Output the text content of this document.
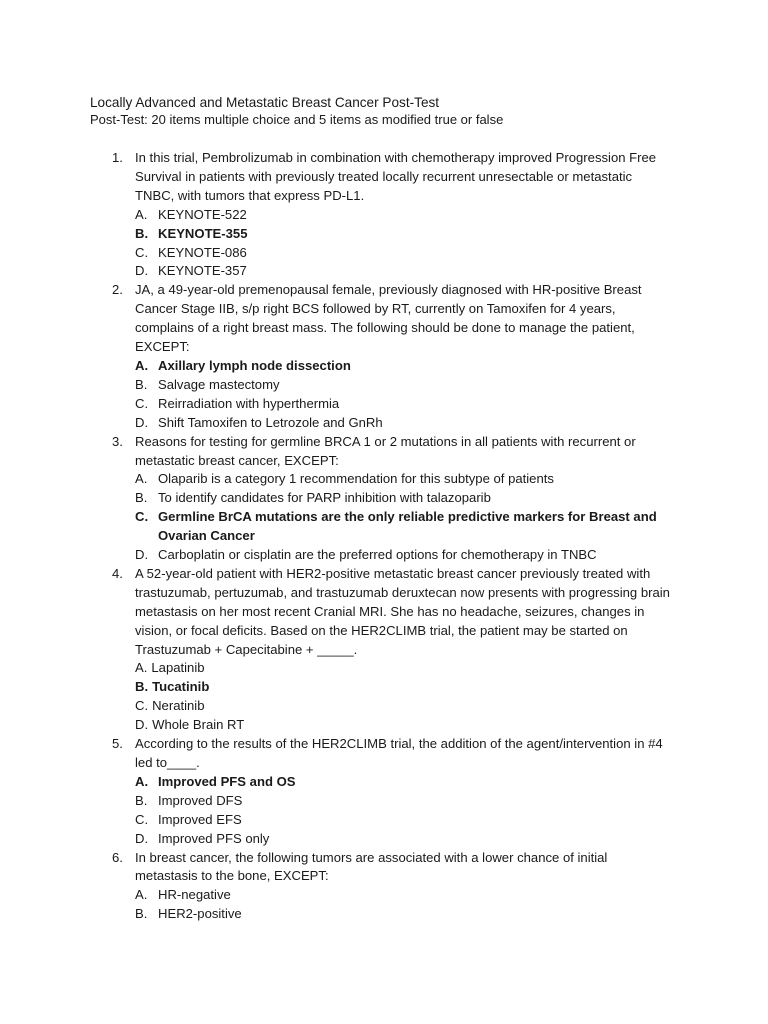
Locally Advanced and Metastatic Breast Cancer Post-Test

Post-Test: 20 items multiple choice and 5 items as modified true or false

1. In this trial, Pembrolizumab in combination with chemotherapy improved Progression Free Survival in patients with previously treated locally recurrent unresectable or metastatic TNBC, with tumors that express PD-L1.
A. KEYNOTE-522
B. KEYNOTE-355
C. KEYNOTE-086
D. KEYNOTE-357
2. JA, a 49-year-old premenopausal female, previously diagnosed with HR-positive Breast Cancer Stage IIB, s/p right BCS followed by RT, currently on Tamoxifen for 4 years, complains of a right breast mass. The following should be done to manage the patient, EXCEPT:
A. Axillary lymph node dissection
B. Salvage mastectomy
C. Reirradiation with hyperthermia
D. Shift Tamoxifen to Letrozole and GnRh
3. Reasons for testing for germline BRCA 1 or 2 mutations in all patients with recurrent or metastatic breast cancer, EXCEPT:
A. Olaparib is a category 1 recommendation for this subtype of patients
B. To identify candidates for PARP inhibition with talazoparib
C. Germline BrCA mutations are the only reliable predictive markers for Breast and Ovarian Cancer
D. Carboplatin or cisplatin are the preferred options for chemotherapy in TNBC
4. A 52-year-old patient with HER2-positive metastatic breast cancer previously treated with trastuzumab, pertuzumab, and trastuzumab deruxtecan now presents with progressing brain metastasis on her most recent Cranial MRI. She has no headache, seizures, changes in vision, or focal deficits. Based on the HER2CLIMB trial, the patient may be started on Trastuzumab + Capecitabine + _____.
A. Lapatinib
B. Tucatinib
C. Neratinib
D. Whole Brain RT
5. According to the results of the HER2CLIMB trial, the addition of the agent/intervention in #4 led to____.
A. Improved PFS and OS
B. Improved DFS
C. Improved EFS
D. Improved PFS only
6. In breast cancer, the following tumors are associated with a lower chance of initial metastasis to the bone, EXCEPT:
A. HR-negative
B. HER2-positive
